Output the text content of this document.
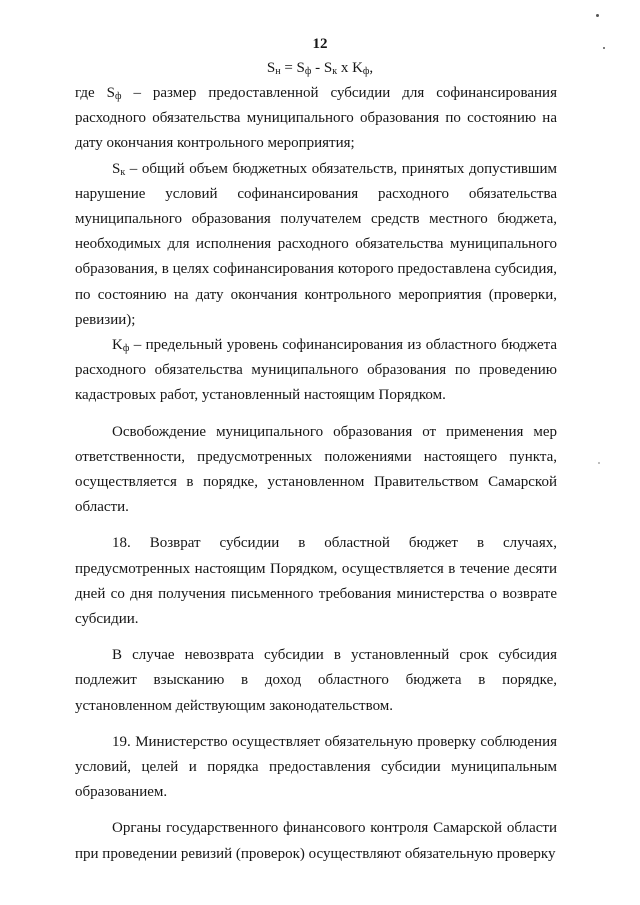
12
$S_н = S_ф - S_к$ x $K_ф$,

где $S_ф$ – размер предоставленной субсидии для софинансирования расходного обязательства муниципального образования по состоянию на дату окончания контрольного мероприятия;

$S_к$ – общий объем бюджетных обязательств, принятых допустившим нарушение условий софинансирования расходного обязательства муниципального образования получателем средств местного бюджета, необходимых для исполнения расходного обязательства муниципального образования, в целях софинансирования которого предоставлена субсидия, по состоянию на дату окончания контрольного мероприятия (проверки, ревизии);

$K_ф$ – предельный уровень софинансирования из областного бюджета расходного обязательства муниципального образования по проведению кадастровых работ, установленный настоящим Порядком.

Освобождение муниципального образования от применения мер ответственности, предусмотренных положениями настоящего пункта, осуществляется в порядке, установленном Правительством Самарской области.

18. Возврат субсидии в областной бюджет в случаях, предусмотренных настоящим Порядком, осуществляется в течение десяти дней со дня получения письменного требования министерства о возврате субсидии.

В случае невозврата субсидии в установленный срок субсидия подлежит взысканию в доход областного бюджета в порядке, установленном действующим законодательством.

19. Министерство осуществляет обязательную проверку соблюдения условий, целей и порядка предоставления субсидии муниципальным образованием.

Органы государственного финансового контроля Самарской области при проведении ревизий (проверок) осуществляют обязательную проверку
